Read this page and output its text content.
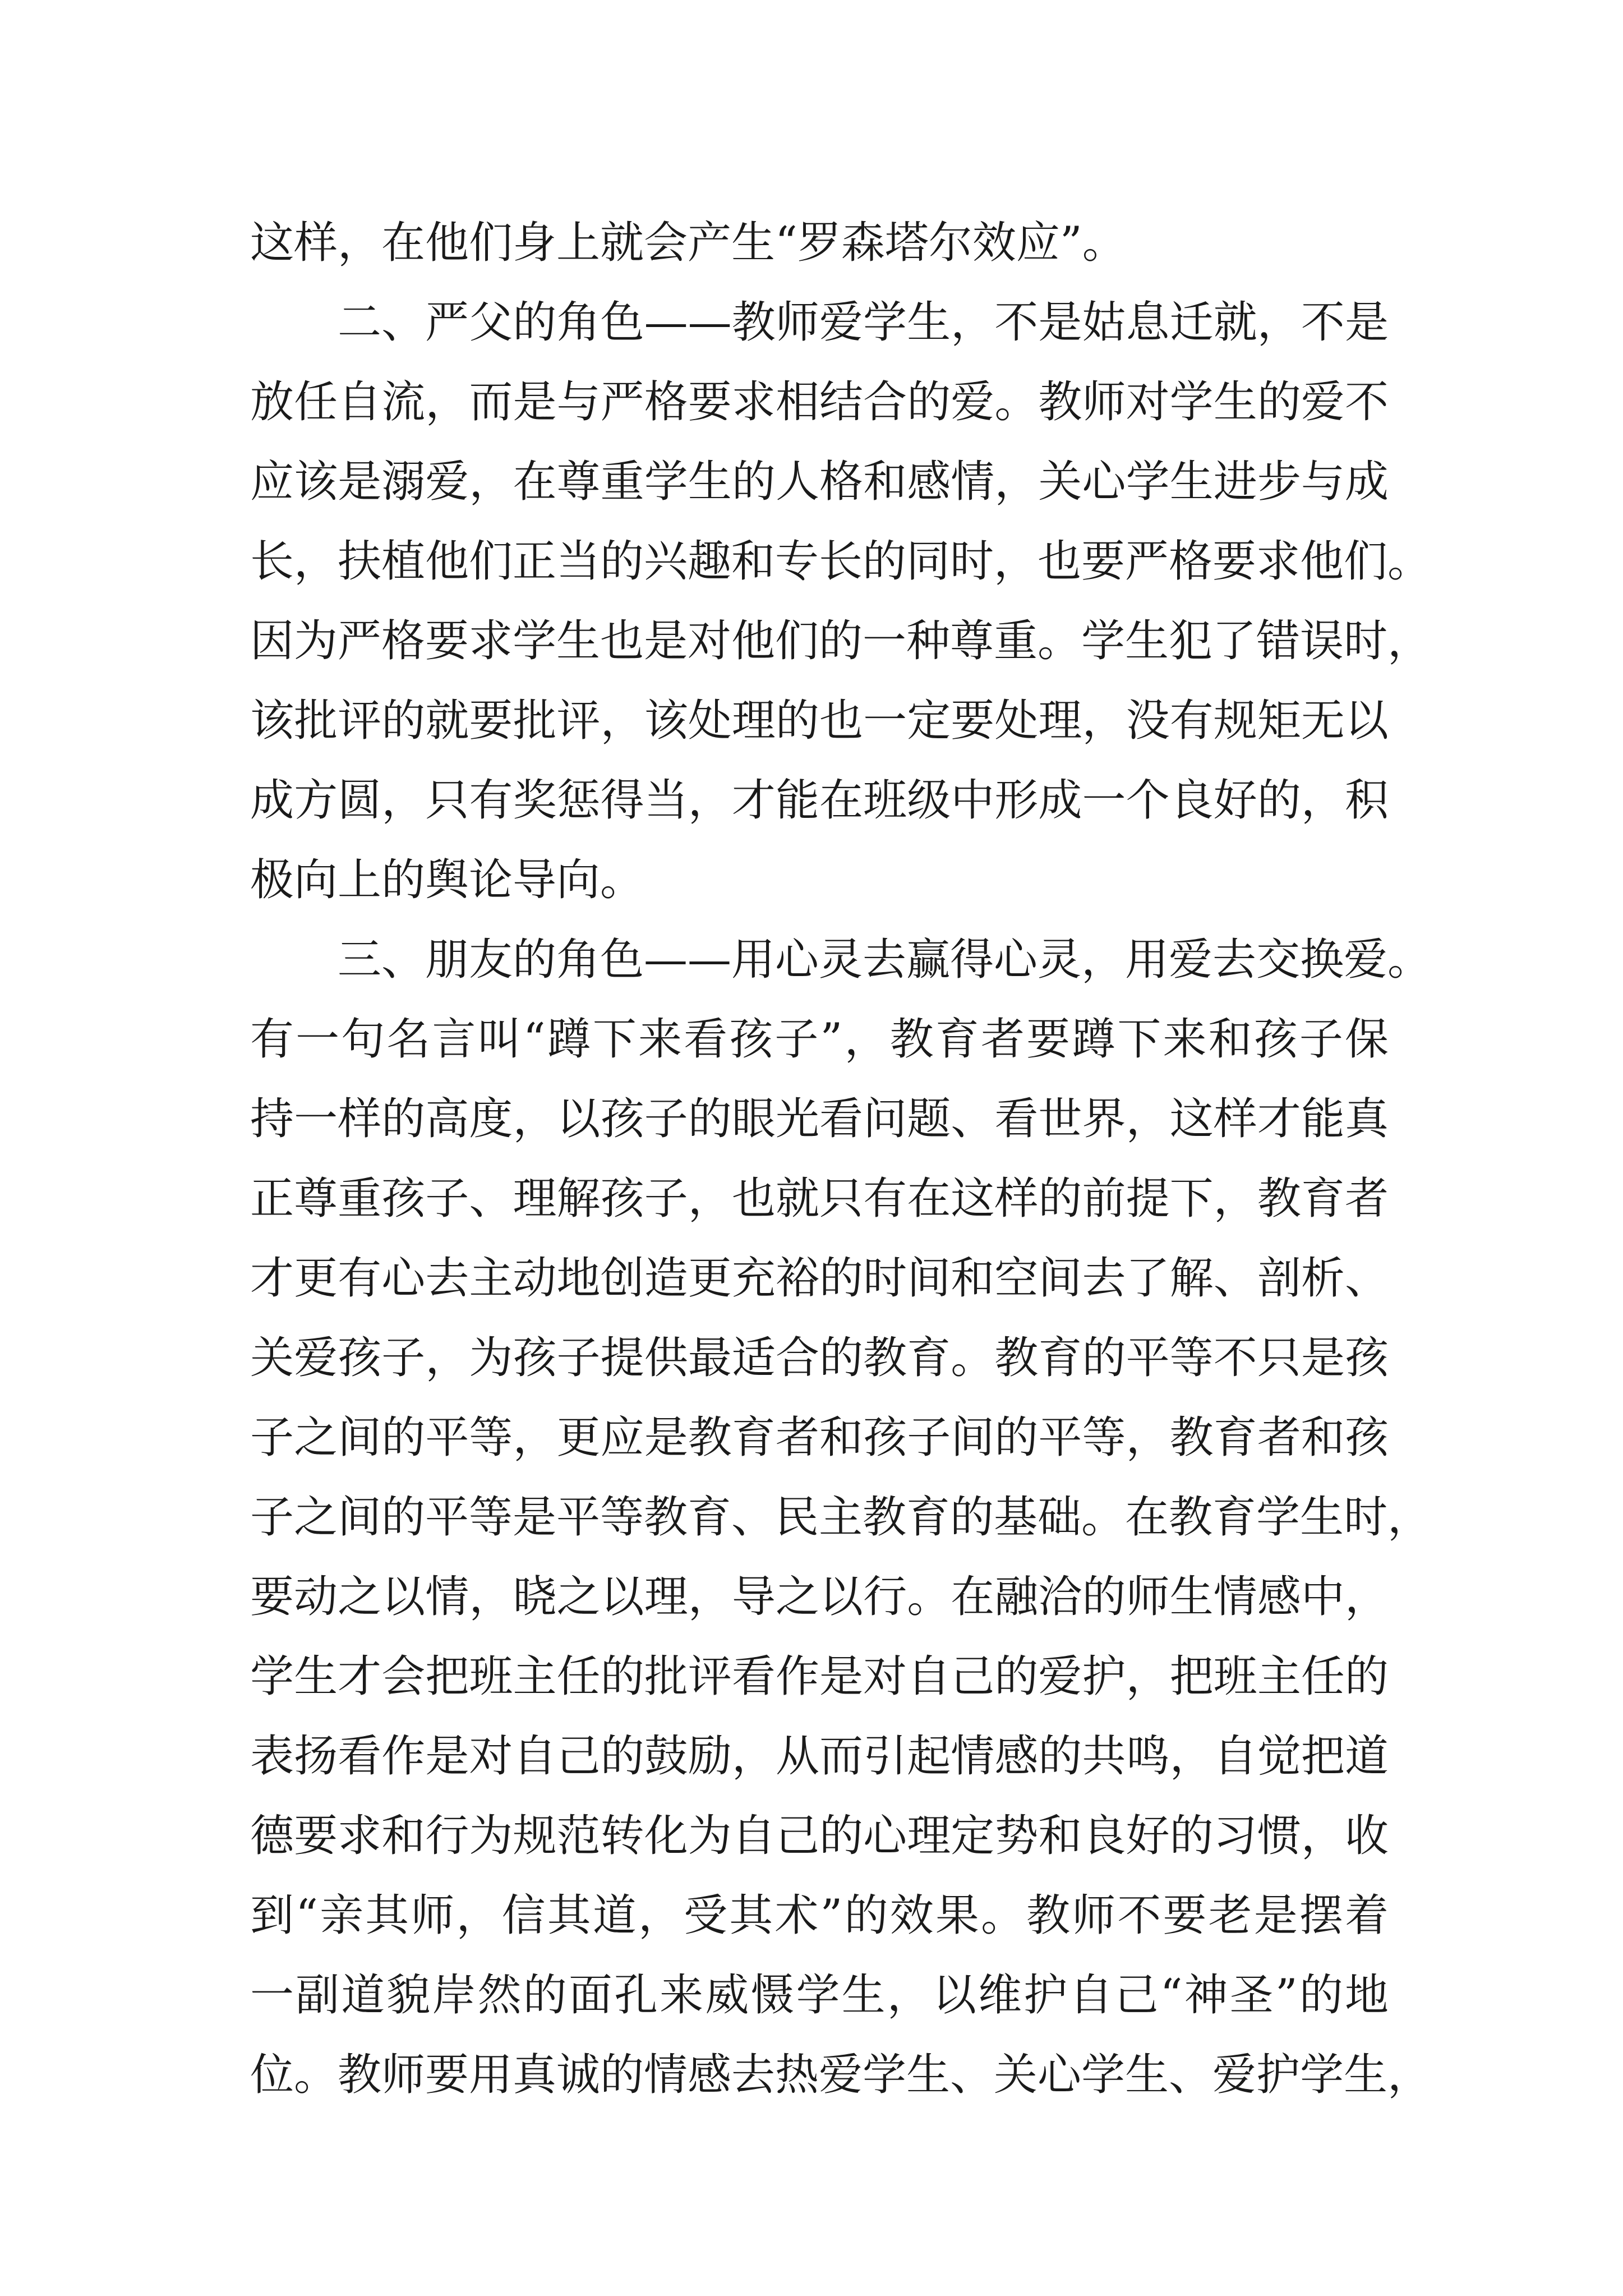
这样，在他们身上就会产生“罗森塔尔效应”。
二、严父的角色——教师爱学生，不是姑息迁就，不是
放任自流，而是与严格要求相结合的爱。教师对学生的爱不
应该是溺爱，在尊重学生的人格和感情，关心学生进步与成
长，扶植他们正当的兴趣和专长的同时，也要严格要求他们。
因为严格要求学生也是对他们的一种尊重。学生犯了错误时，
该批评的就要批评，该处理的也一定要处理，没有规矩无以
成方圆，只有奖惩得当，才能在班级中形成一个良好的，积
极向上的舆论导向。
三、朋友的角色——用心灵去赢得心灵，用爱去交换爱。
有一句名言叫“蹲下来看孩子”，教育者要蹲下来和孩子保
持一样的高度，以孩子的眼光看问题、看世界，这样才能真
正尊重孩子、理解孩子，也就只有在这样的前提下，教育者
才更有心去主动地创造更充裕的时间和空间去了解、剖析、
关爱孩子，为孩子提供最适合的教育。教育的平等不只是孩
子之间的平等，更应是教育者和孩子间的平等，教育者和孩
子之间的平等是平等教育、民主教育的基础。在教育学生时，
要动之以情，晓之以理，导之以行。在融洽的师生情感中，
学生才会把班主任的批评看作是对自己的爱护，把班主任的
表扬看作是对自己的鼓励，从而引起情感的共鸣，自觉把道
德要求和行为规范转化为自己的心理定势和良好的习惯，收
到“亲其师，信其道，受其术”的效果。教师不要老是摆着
一副道貌岸然的面孔来威慑学生，以维护自己“神圣”的地
位。教师要用真诚的情感去热爱学生、关心学生、爱护学生，
